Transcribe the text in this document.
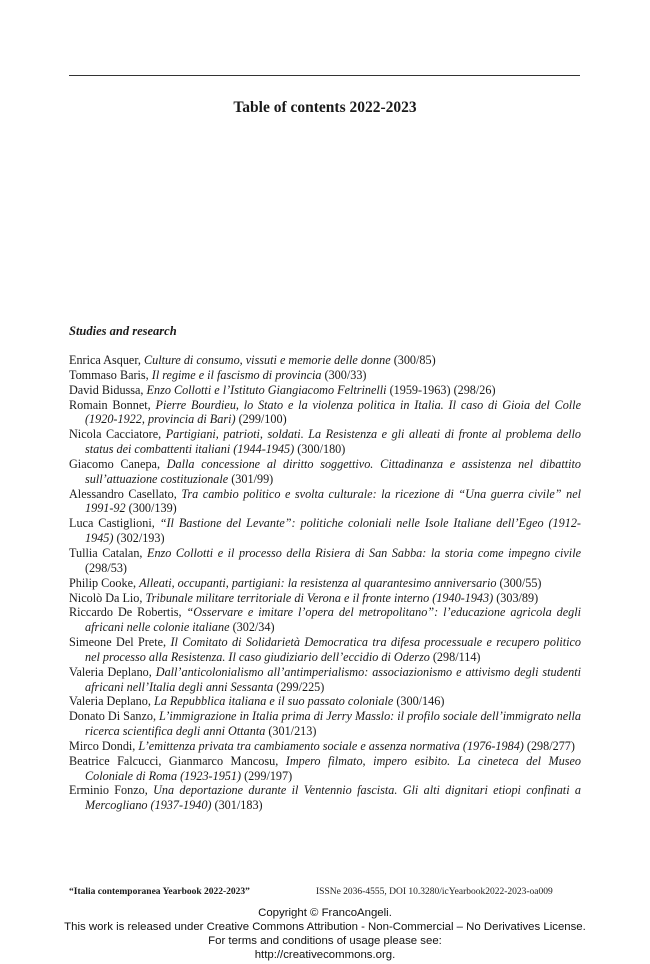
Table of contents 2022-2023
Studies and research

Enrica Asquer, Culture di consumo, vissuti e memorie delle donne (300/85)

Tommaso Baris, Il regime e il fascismo di provincia (300/33)

David Bidussa, Enzo Collotti e l’Istituto Giangiacomo Feltrinelli (1959-1963) (298/26)

Romain Bonnet, Pierre Bourdieu, lo Stato e la violenza politica in Italia. Il caso di Gioia del Colle (1920-1922, provincia di Bari) (299/100)

Nicola Cacciatore, Partigiani, patrioti, soldati. La Resistenza e gli alleati di fronte al problema dello status dei combattenti italiani (1944-1945) (300/180)

Giacomo Canepa, Dalla concessione al diritto soggettivo. Cittadinanza e assistenza nel dibattito sull’attuazione costituzionale (301/99)

Alessandro Casellato, Tra cambio politico e svolta culturale: la ricezione di “Una guerra civile” nel 1991-92 (300/139)

Luca Castiglioni, “Il Bastione del Levante”: politiche coloniali nelle Isole Italiane dell’Egeo (1912-1945) (302/193)

Tullia Catalan, Enzo Collotti e il processo della Risiera di San Sabba: la storia come impegno civile (298/53)

Philip Cooke, Alleati, occupanti, partigiani: la resistenza al quarantesimo anniversario (300/55)

Nicolò Da Lio, Tribunale militare territoriale di Verona e il fronte interno (1940-1943) (303/89)

Riccardo De Robertis, “Osservare e imitare l’opera del metropolitano”: l’educazione agricola degli africani nelle colonie italiane (302/34)

Simeone Del Prete, Il Comitato di Solidarietà Democratica tra difesa processuale e recupero politico nel processo alla Resistenza. Il caso giudiziario dell’eccidio di Oderzo (298/114)

Valeria Deplano, Dall’anticolonialismo all’antimperialismo: associazionismo e attivismo degli studenti africani nell’Italia degli anni Sessanta (299/225)

Valeria Deplano, La Repubblica italiana e il suo passato coloniale (300/146)

Donato Di Sanzo, L’immigrazione in Italia prima di Jerry Masslo: il profilo sociale dell’immigrato nella ricerca scientifica degli anni Ottanta (301/213)

Mirco Dondi, L’emittenza privata tra cambiamento sociale e assenza normativa (1976-1984) (298/277)

Beatrice Falcucci, Gianmarco Mancosu, Impero filmato, impero esibito. La cineteca del Museo Coloniale di Roma (1923-1951) (299/197)

Erminio Fonzo, Una deportazione durante il Ventennio fascista. Gli alti dignitari etiopi confinati a Mercogliano (1937-1940) (301/183)

“Italia contemporanea Yearbook 2022-2023”	ISSNe 2036-4555, DOI 10.3280/icYearbook2022-2023-oa009
Copyright © FrancoAngeli.
This work is released under Creative Commons Attribution - Non-Commercial – No Derivatives License.
For terms and conditions of usage please see:
http://creativecommons.org.
